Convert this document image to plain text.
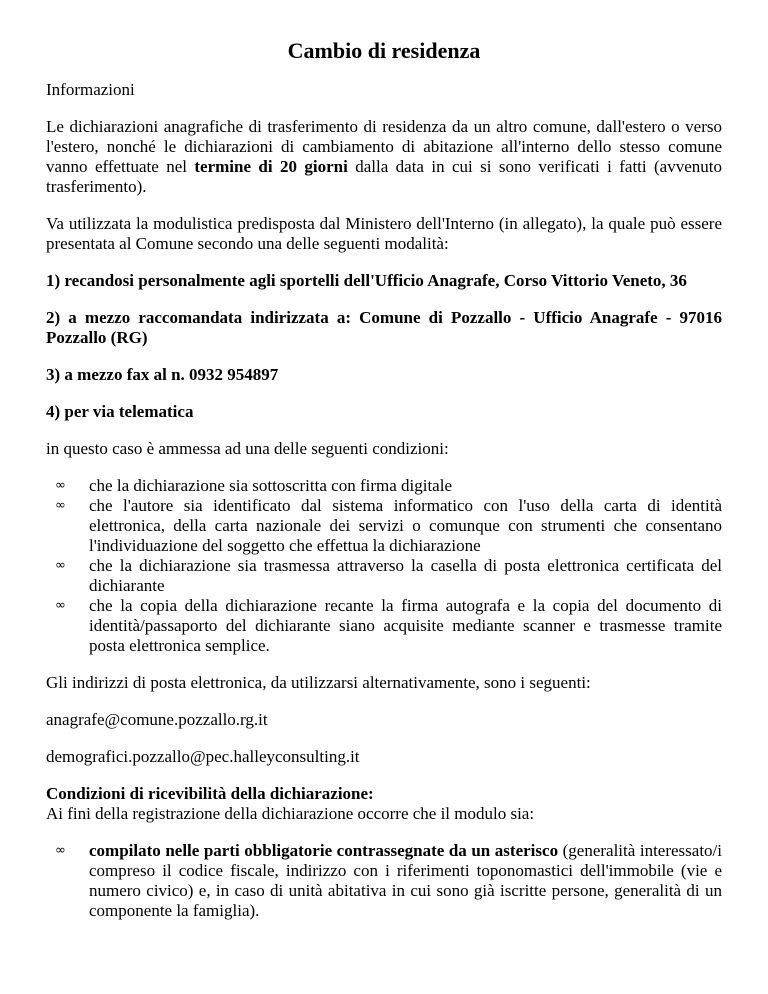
Cambio di residenza

Informazioni

Le dichiarazioni anagrafiche di trasferimento di residenza da un altro comune, dall'estero o verso l'estero, nonché le dichiarazioni di cambiamento di abitazione all'interno dello stesso comune vanno effettuate nel termine di 20 giorni dalla data in cui si sono verificati i fatti (avvenuto trasferimento).

Va utilizzata la modulistica predisposta dal Ministero dell'Interno (in allegato), la quale può essere presentata al Comune secondo una delle seguenti modalità:

1) recandosi personalmente agli sportelli dell'Ufficio Anagrafe, Corso Vittorio Veneto, 36

2) a mezzo raccomandata indirizzata a: Comune di Pozzallo - Ufficio Anagrafe - 97016 Pozzallo (RG)

3) a mezzo fax al n. 0932 954897

4) per via telematica

in questo caso è ammessa ad una delle seguenti condizioni:

∞ che la dichiarazione sia sottoscritta con firma digitale
∞ che l'autore sia identificato dal sistema informatico con l'uso della carta di identità elettronica, della carta nazionale dei servizi o comunque con strumenti che consentano l'individuazione del soggetto che effettua la dichiarazione
∞ che la dichiarazione sia trasmessa attraverso la casella di posta elettronica certificata del dichiarante
∞ che la copia della dichiarazione recante la firma autografa e la copia del documento di identità/passaporto del dichiarante siano acquisite mediante scanner e trasmesse tramite posta elettronica semplice.

Gli indirizzi di posta elettronica, da utilizzarsi alternativamente, sono i seguenti:

anagrafe@comune.pozzallo.rg.it

demografici.pozzallo@pec.halleyconsulting.it

Condizioni di ricevibilità della dichiarazione:

Ai fini della registrazione della dichiarazione occorre che il modulo sia:

∞ compilato nelle parti obbligatorie contrassegnate da un asterisco (generalità interessato/i compreso il codice fiscale, indirizzo con i riferimenti toponomastici dell'immobile (vie e numero civico) e, in caso di unità abitativa in cui sono già iscritte persone, generalità di un componente la famiglia).
